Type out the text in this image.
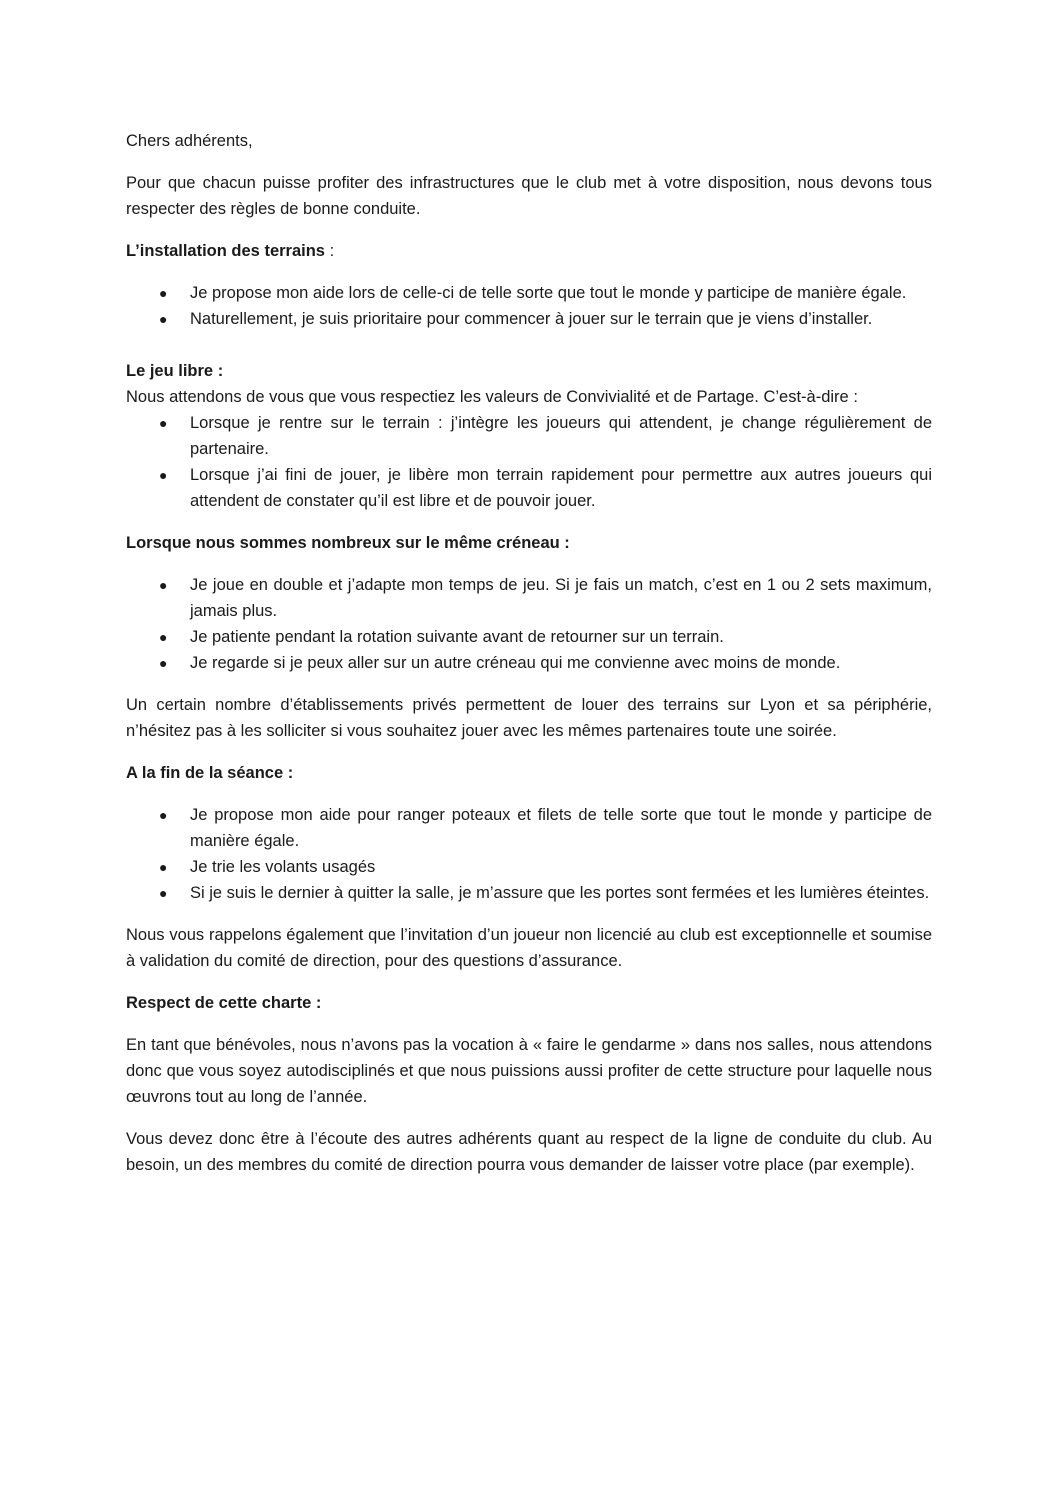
Chers adhérents,

Pour que chacun puisse profiter des infrastructures que le club met à votre disposition, nous devons tous respecter des règles de bonne conduite.

L’installation des terrains :

● Je propose mon aide lors de celle-ci de telle sorte que tout le monde y participe de manière égale.
● Naturellement, je suis prioritaire pour commencer à jouer sur le terrain que je viens d’installer.

Le jeu libre :

Nous attendons de vous que vous respectiez les valeurs de Convivialité et de Partage. C’est-à-dire :

● Lorsque je rentre sur le terrain : j’intègre les joueurs qui attendent, je change régulièrement de partenaire.
● Lorsque j’ai fini de jouer, je libère mon terrain rapidement pour permettre aux autres joueurs qui attendent de constater qu’il est libre et de pouvoir jouer.

Lorsque nous sommes nombreux sur le même créneau :

● Je joue en double et j’adapte mon temps de jeu. Si je fais un match, c’est en 1 ou 2 sets maximum, jamais plus.
● Je patiente pendant la rotation suivante avant de retourner sur un terrain.
● Je regarde si je peux aller sur un autre créneau qui me convienne avec moins de monde.

Un certain nombre d’établissements privés permettent de louer des terrains sur Lyon et sa périphérie, n’hésitez pas à les solliciter si vous souhaitez jouer avec les mêmes partenaires toute une soirée.

A la fin de la séance :

● Je propose mon aide pour ranger poteaux et filets de telle sorte que tout le monde y participe de manière égale.
● Je trie les volants usagés
● Si je suis le dernier à quitter la salle, je m’assure que les portes sont fermées et les lumières éteintes.

Nous vous rappelons également que l’invitation d’un joueur non licencié au club est exceptionnelle et soumise à validation du comité de direction, pour des questions d’assurance.

Respect de cette charte :

En tant que bénévoles, nous n’avons pas la vocation à « faire le gendarme » dans nos salles, nous attendons donc que vous soyez autodisciplinés et que nous puissions aussi profiter de cette structure pour laquelle nous œuvrons tout au long de l’année.

Vous devez donc être à l’écoute des autres adhérents quant au respect de la ligne de conduite du club. Au besoin, un des membres du comité de direction pourra vous demander de laisser votre place (par exemple).
